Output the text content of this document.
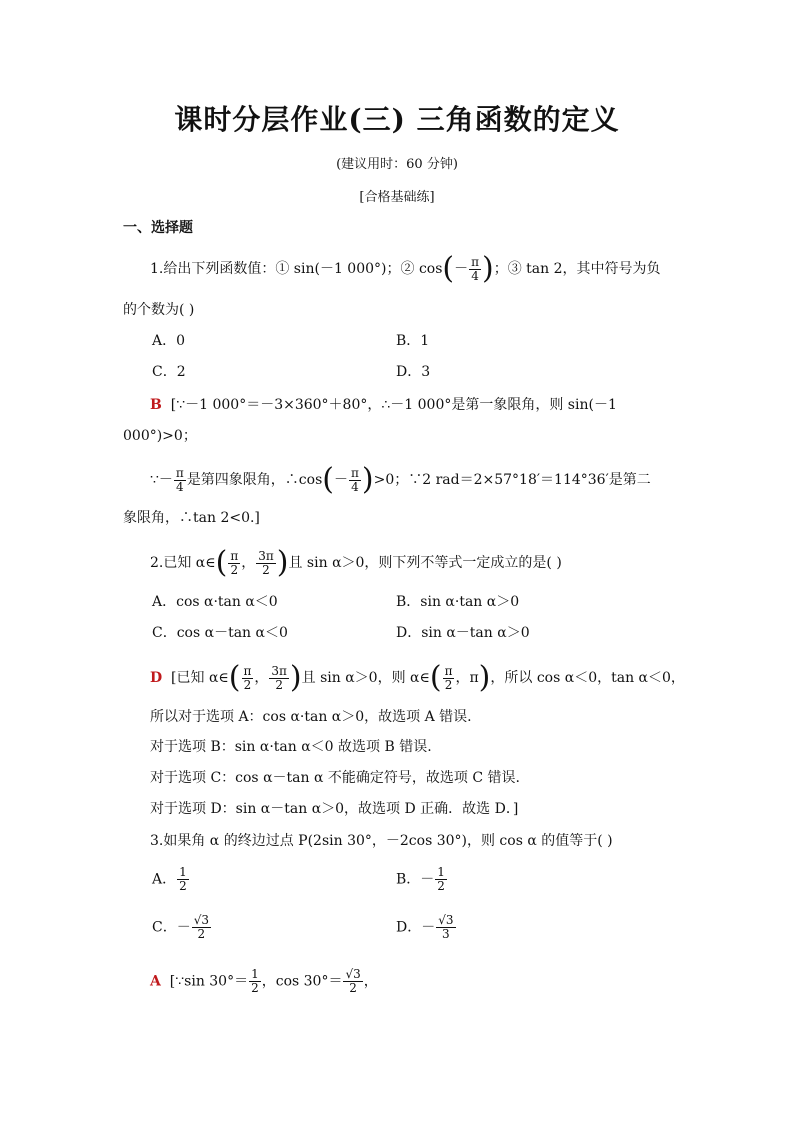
课时分层作业(三) 三角函数的定义
(建议用时：60 分钟)
[合格基础练]
一、选择题
1.给出下列函数值：① sin(－1 000°)；② $\cos(- \frac{\pi}{4}$ )；③ tan 2，其中符号为负
的个数为( )
A．0	B．1
C．2	D．3
B [∵－1 000°＝－3×360°＋80°，∴－1 000°是第一象限角，则 sin(－1
000°)>0；
∵－ $\frac{\pi}{4}$ 是第四象限角，∴cos(－ $\frac{\pi}{4} )>0$；∵2 rad＝2×57°18′＝114°36′是第二
象限角，∴tan 2<0.]
2.已知 α∈( $\frac{\pi}{2}$ ， $\frac{3\pi}{2}$ )且 sin α＞0，则下列不等式一定成立的是( )
A．cos α·tan α＜0	B．sin α·tan α＞0
C．cos α－tan α＜0	D．sin α－tan α＞0
D [已知 α∈( $\frac{\pi}{2}$ ， $\frac{3\pi}{2}$ )且 sin α＞0，则 α∈( $\frac{\pi}{2}$ ，π)，所以 cos α＜0，tan α＜0，
所以对于选项 A：cos α·tan α＞0，故选项 A 错误.
对于选项 B：sin α·tan α＜0 故选项 B 错误.
对于选项 C：cos α－tan α 不能确定符号，故选项 C 错误.
对于选项 D：sin α－tan α＞0，故选项 D 正确．故选 D．]
3.如果角 α 的终边过点 P(2sin 30°，－2cos 30°)，则 cos α 的值等于( )
A． $\frac{1}{2}$	B．－ $\frac{1}{2}$
C．－ $\frac{√3}{2}$	D．－ $\frac{√3}{3}$
A [∵sin $30^\circ= \frac{1}{2}$ ，$\cos 30^\circ= \frac{√3}{2}$ ，
